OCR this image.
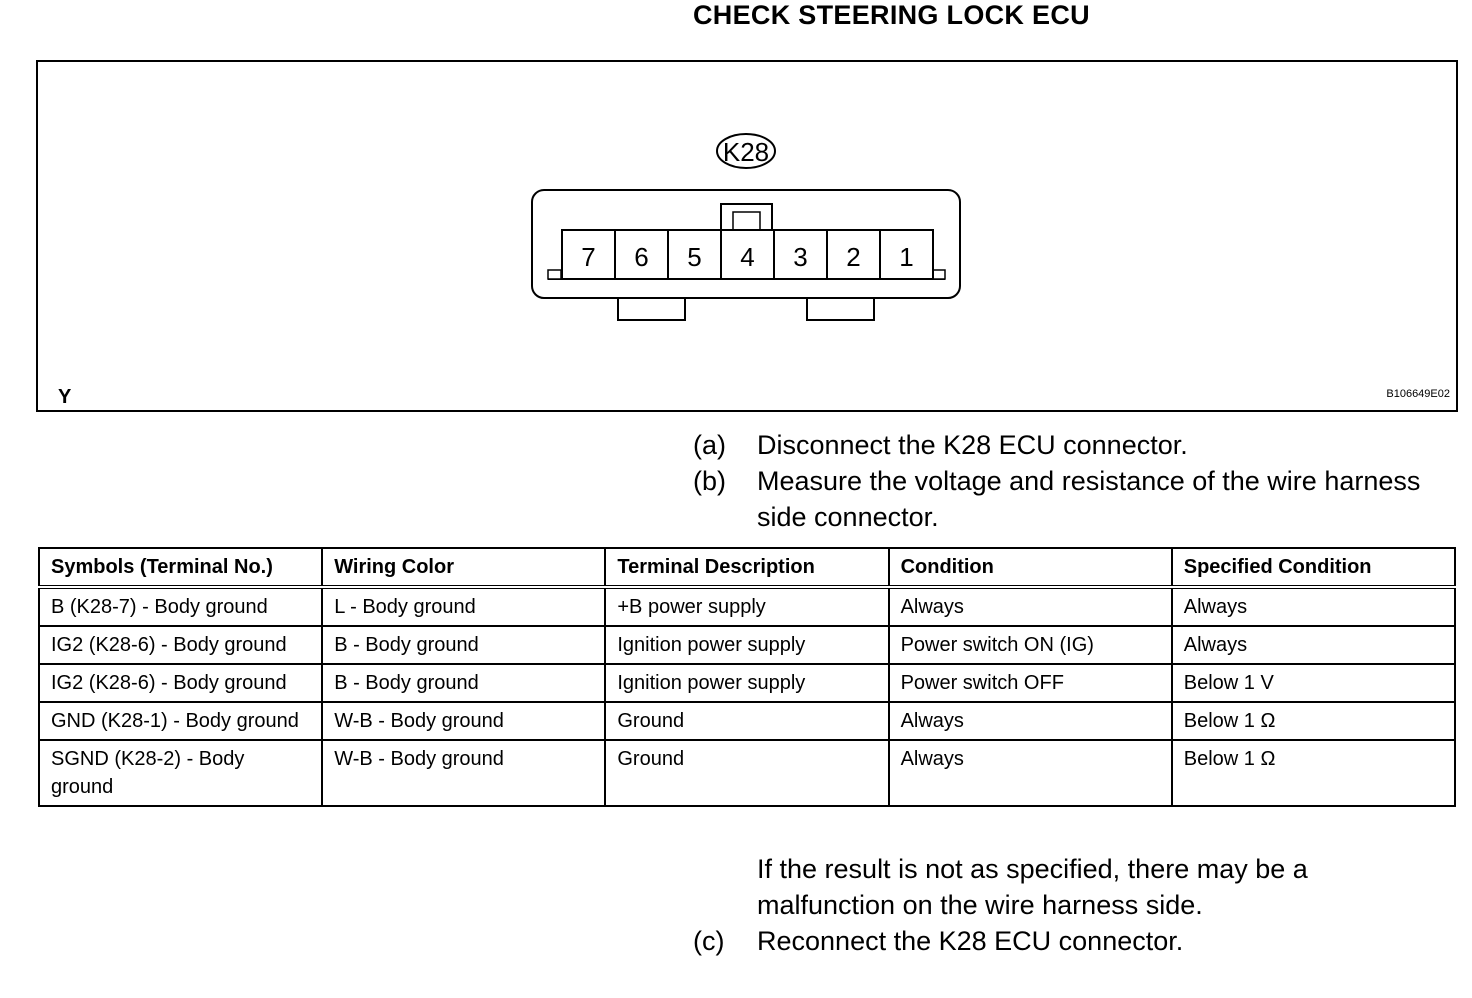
CHECK STEERING LOCK ECU
K28
7 6 5 4 3 2 1
Y	B106649E02
(a) Disconnect the K28 ECU connector.
(b) Measure the voltage and resistance of the wire harness side connector.
Symbols (Terminal No.)	Wiring Color	Terminal Description	Condition	Specified Condition
B (K28-7) - Body ground	L - Body ground	+B power supply	Always	Always
IG2 (K28-6) - Body ground	B - Body ground	Ignition power supply	Power switch ON (IG)	Always
IG2 (K28-6) - Body ground	B - Body ground	Ignition power supply	Power switch OFF	Below 1 V
GND (K28-1) - Body ground	W-B - Body ground	Ground	Always	Below 1 Ω
SGND (K28-2) - Body ground	W-B - Body ground	Ground	Always	Below 1 Ω
If the result is not as specified, there may be a malfunction on the wire harness side.
(c) Reconnect the K28 ECU connector.
